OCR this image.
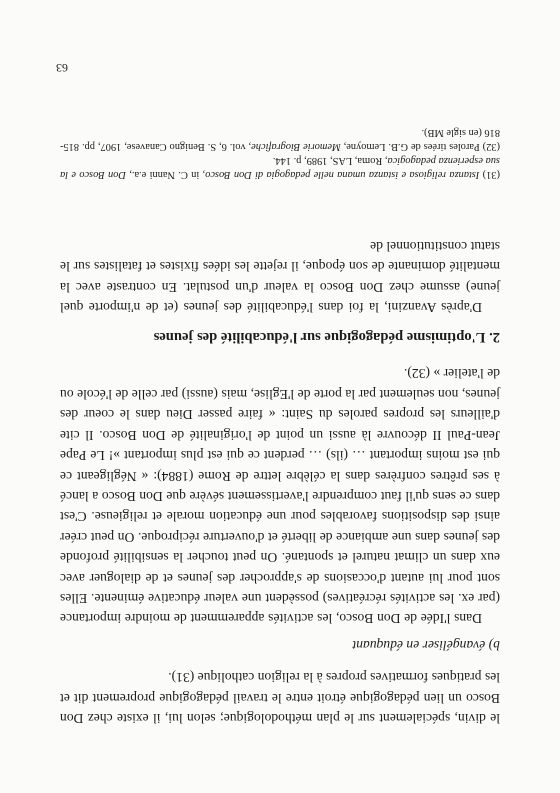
le divin, spécialement sur le plan méthodologique; selon lui, il existe chez Don Bosco un lien pédagogique étroit entre le travail pédagogique proprement dit et les pratiques formatives propres à la religion catholique (31).

b) évangéliser en éduquant

Dans l'Idée de Don Bosco, les activités apparemment de moindre importance (par ex. les activités récréatives) possèdent une valeur éducative éminente. Elles sont pour lui autant d'occasions de s'approcher des jeunes et de dialoguer avec eux dans un climat naturel et spontané. On peut toucher la sensibilité profonde des jeunes dans une ambiance de liberté et d'ouverture réciproque. On peut créer ainsi des dispositions favorables pour une éducation morale et religieuse. C'est dans ce sens qu'il faut comprendre l'avertissement sévère que Don Bosco a lancé à ses prêtres confrères dans la célèbre lettre de Rome (1884): « Négligeant ce qui est moins important … (ils) … perdent ce qui est plus important »! Le Pape Jean-Paul II découvre là aussi un point de l'originalité de Don Bosco. Il cite d'ailleurs les propres paroles du Saint: « faire passer Dieu dans le coeur des jeunes, non seulement par la porte de l'Eglise, mais (aussi) par celle de l'école ou de l'atelier » (32).

2. L'optimisme pédagogique sur l'éducabilité des jeunes

D'après Avanzini, la foi dans l'éducabilité des jeunes (et de n'importe quel jeune) assume chez Don Bosco la valeur d'un postulat. En contraste avec la mentalité dominante de son époque, il rejette les idées fixistes et fatalistes sur le statut constitutionnel de

(31) Istanza religiosa e istanza umana nelle pedagogia di Don Bosco, in C. Nanni e.a., Don Bosco e la sua esperienza pedagogica, Roma, LAS, 1989, p. 144.
(32) Paroles tirées de G.B. Lemoyne, Memorie Biografiche, vol. 6, S. Benigno Canavese, 1907, pp. 815-816 (en sigle MB).
63
